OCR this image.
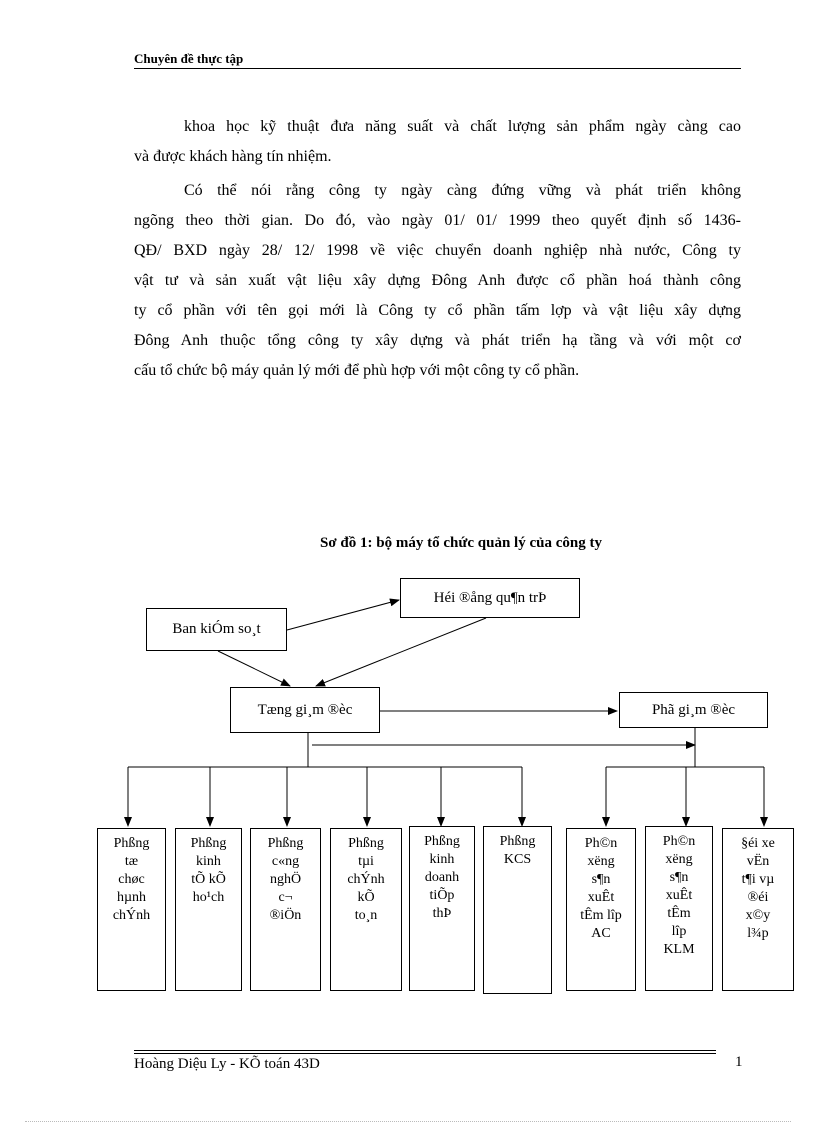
Chuyên đề thực tập
khoa học kỹ thuật đưa năng suất và chất lượng sản phẩm ngày càng cao
và được khách hàng tín nhiệm.
Có thể nói rằng công ty ngày càng đứng vững và phát triển không
ngõng theo thời gian. Do đó, vào ngày 01/ 01/ 1999 theo quyết định số 1436-
QĐ/ BXD ngày 28/ 12/ 1998 về việc chuyển doanh nghiệp nhà nước, Công ty
vật tư và sản xuất vật liệu xây dựng Đông Anh được cổ phần hoá thành công
ty cổ phần với tên gọi mới là Công ty cổ phần tấm lợp và vật liệu xây dựng
Đông Anh thuộc tổng công ty xây dựng và phát triển hạ tầng và với một cơ
cấu tổ chức bộ máy quản lý mới để phù hợp với một công ty cổ phần.
Sơ đồ 1: bộ máy tổ chức quản lý của công ty
Héi ®ång qu¶n trÞ
Ban kiÓm so¸t
Tæng gi¸m ®èc	Phã gi¸m ®èc
Phßng
tæ
chøc
hµnh
chÝnh
Phßng
kinh
tÕ kÕ
ho¹ch
Phßng
c«ng
nghÖ
c¬
®iÖn
Phßng
tµi
chÝnh
kÕ
to¸n
Phßng
kinh
doanh
tiÕp
thÞ
Phßng
KCS
Ph©n
xëng
s¶n
xuÊt
tÊm lîp
AC
Ph©n
xëng
s¶n
xuÊt
tÊm
lîp
KLM
§éi xe
vËn
t¶i vµ
®éi
x©y
l¾p
Hoàng Diệu Ly - KÕ toán 43D	1
